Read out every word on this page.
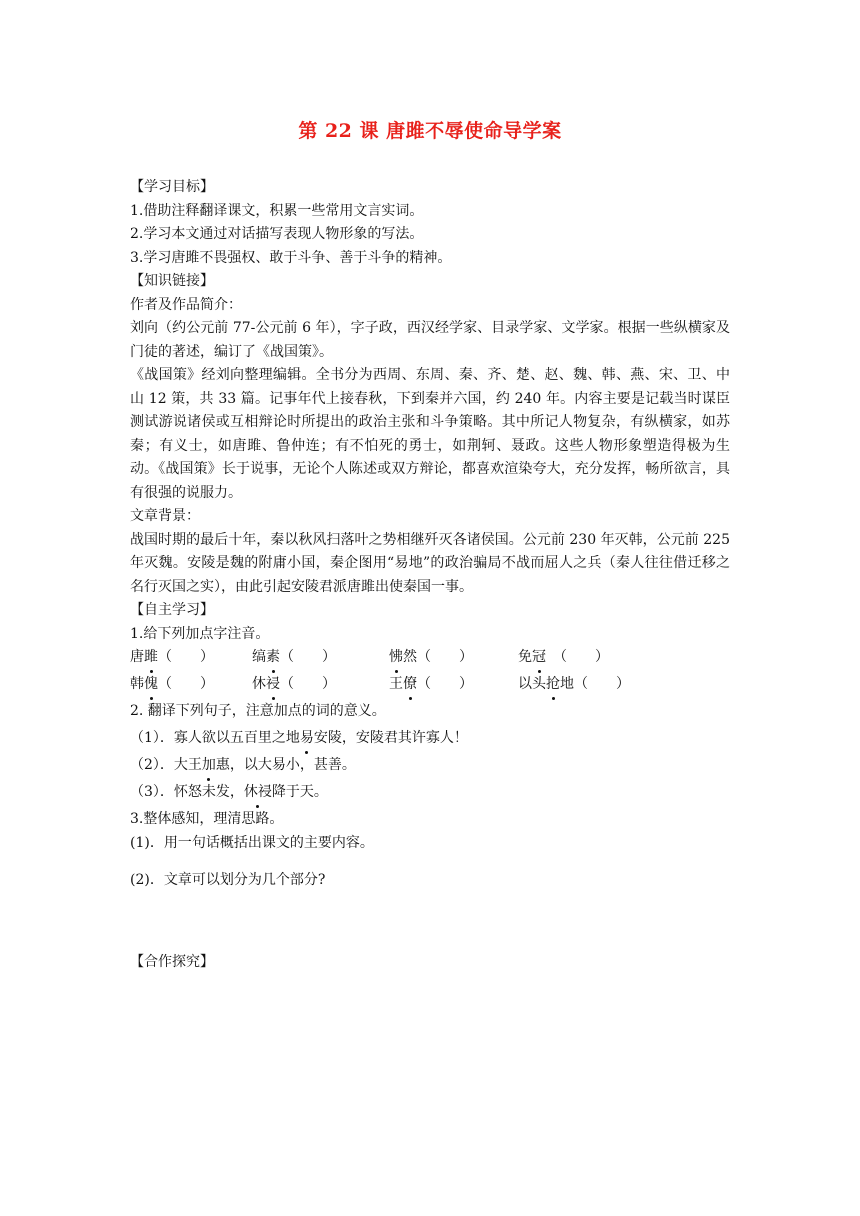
第 22 课 唐雎不辱使命导学案
【学习目标】
1.借助注释翻译课文，积累一些常用文言实词。
2.学习本文通过对话描写表现人物形象的写法。
3.学习唐雎不畏强权、敢于斗争、善于斗争的精神。
【知识链接】
作者及作品简介：
刘向（约公元前 77-公元前 6 年），字子政，西汉经学家、目录学家、文学家。根据一些纵横家及门徒的著述，编订了《战国策》。
《战国策》经刘向整理编辑。全书分为西周、东周、秦、齐、楚、赵、魏、韩、燕、宋、卫、中山 12 策，共 33 篇。记事年代上接春秋，下到秦并六国，约 240 年。内容主要是记载当时谋臣测试游说诸侯或互相辩论时所提出的政治主张和斗争策略。其中所记人物复杂，有纵横家，如苏秦；有义士，如唐雎、鲁仲连；有不怕死的勇士，如荆轲、聂政。这些人物形象塑造得极为生动。《战国策》长于说事，无论个人陈述或双方辩论，都喜欢渲染夸大，充分发挥，畅所欲言，具有很强的说服力。
文章背景：
战国时期的最后十年，秦以秋风扫落叶之势相继歼灭各诸侯国。公元前 230 年灭韩，公元前 225 年灭魏。安陵是魏的附庸小国，秦企图用“易地”的政治骗局不战而屈人之兵（秦人往往借迁移之名行灭国之实），由此引起安陵君派唐雎出使秦国一事。
【自主学习】
1.给下列加点字注音。
唐雎（　　）	缟素（　　）	怫然（　　）	免冠　（　　）
韩傀（　　）	休祲（　　）	王僚（　　）	以头抢地（　　）
2. 翻译下列句子，注意加点的词的意义。
（1）．寡人欲以五百里之地易安陵，安陵君其许寡人！
（2）．大王加惠，以大易小，甚善。
（3）．怀怒未发，休祲降于天。
3.整体感知，理清思路。
(1)．用一句话概括出课文的主要内容。
(2)．文章可以划分为几个部分?
【合作探究】
